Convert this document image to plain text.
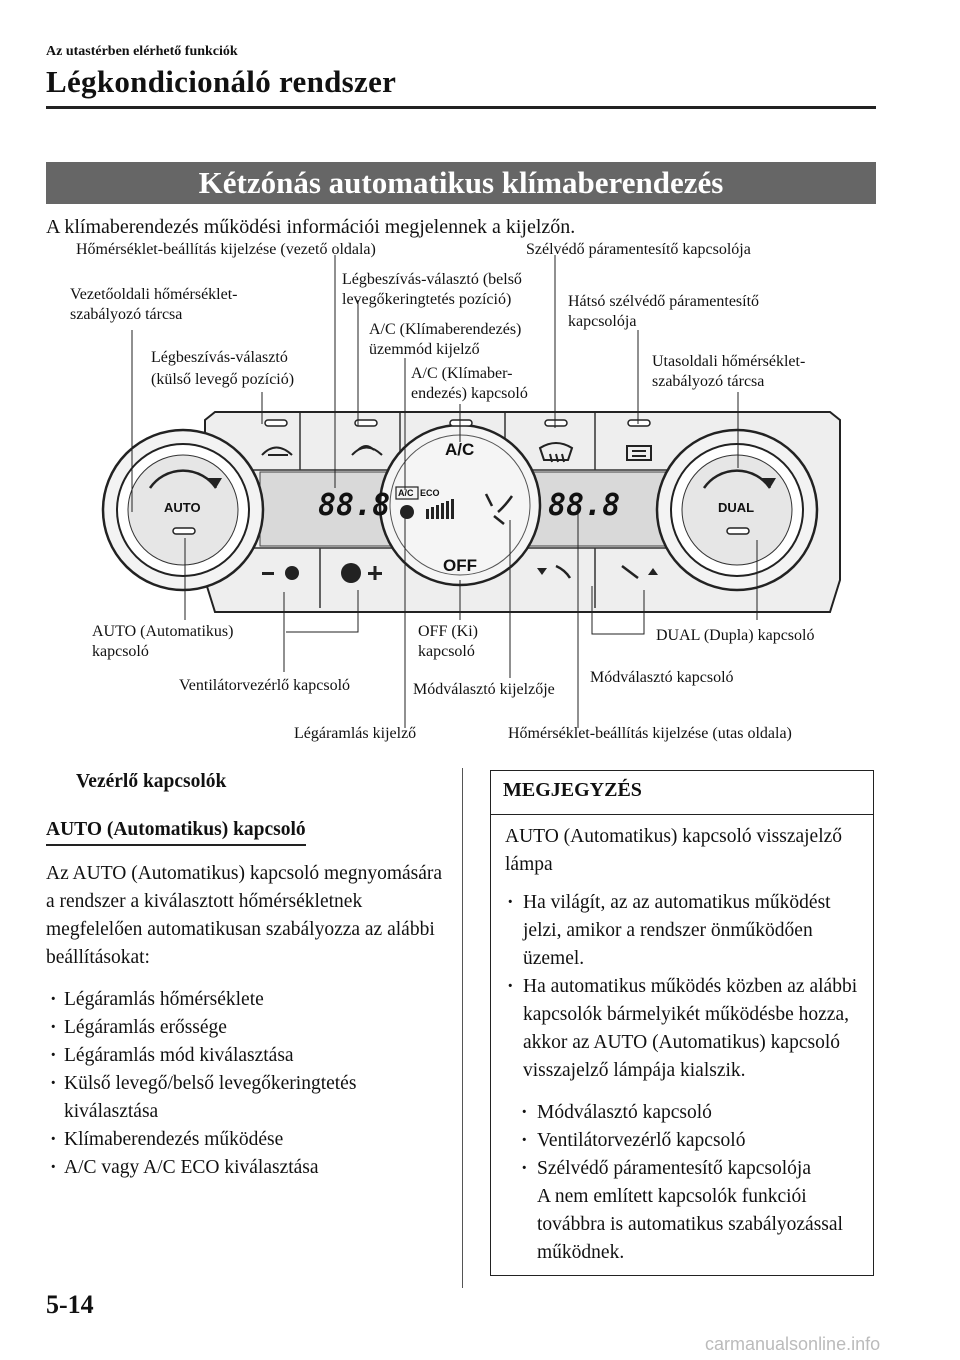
Az utastérben elérhető funkciók
Légkondicionáló rendszer
Kétzónás automatikus klímaberendezés
A klímaberendezés működési információi megjelennek a kijelzőn.
AUTO	DUAL
A/C
OFF
A/C ECO
88.8	88.8
Hőmérséklet-beállítás kijelzése (vezető oldala)	Szélvédő páramentesítő kapcsolója
Vezetőoldali hőmérséklet-
szabályozó tárcsa
Légbeszívás-választó (belső
levegőkeringtetés pozíció)	Hátsó szélvédő páramentesítő
kapcsolója
A/C (Klímaberendezés)
üzemmód kijelző
Légbeszívás-választó
(külső levegő pozíció)
Utasoldali hőmérséklet-
szabályozó tárcsa
A/C (Klímaber-
endezés) kapcsoló
AUTO (Automatikus)
kapcsoló
OFF (Ki)
kapcsoló
DUAL (Dupla) kapcsoló
Ventilátorvezérlő kapcsoló	Módválasztó kijelzője
Módválasztó kapcsoló
Légáramlás kijelző	Hőmérséklet-beállítás kijelzése (utas oldala)
Vezérlő kapcsolók
AUTO (Automatikus) kapcsoló

Az AUTO (Automatikus) kapcsoló megnyomására a rendszer a kiválasztott hőmérsékletnek megfelelően automatikusan szabályozza az alábbi beállításokat:

· Légáramlás hőmérséklete
· Légáramlás erőssége
· Légáramlás mód kiválasztása
· Külső levegő/belső levegőkeringtetés kiválasztása
· Klímaberendezés működése
· A/C vagy A/C ECO kiválasztása
MEGJEGYZÉS

AUTO (Automatikus) kapcsoló visszajelző lámpa

· Ha világít, az az automatikus működést jelzi, amikor a rendszer önműködően üzemel.
· Ha automatikus működés közben az alábbi kapcsolók bármelyikét működésbe hozza, akkor az AUTO (Automatikus) kapcsoló visszajelző lámpája kialszik.
· Módválasztó kapcsoló
· Ventilátorvezérlő kapcsoló
· Szélvédő páramentesítő kapcsolója
A nem említett kapcsolók funkciói továbbra is automatikus szabályozással működnek.
5-14
carmanualsonline.info
